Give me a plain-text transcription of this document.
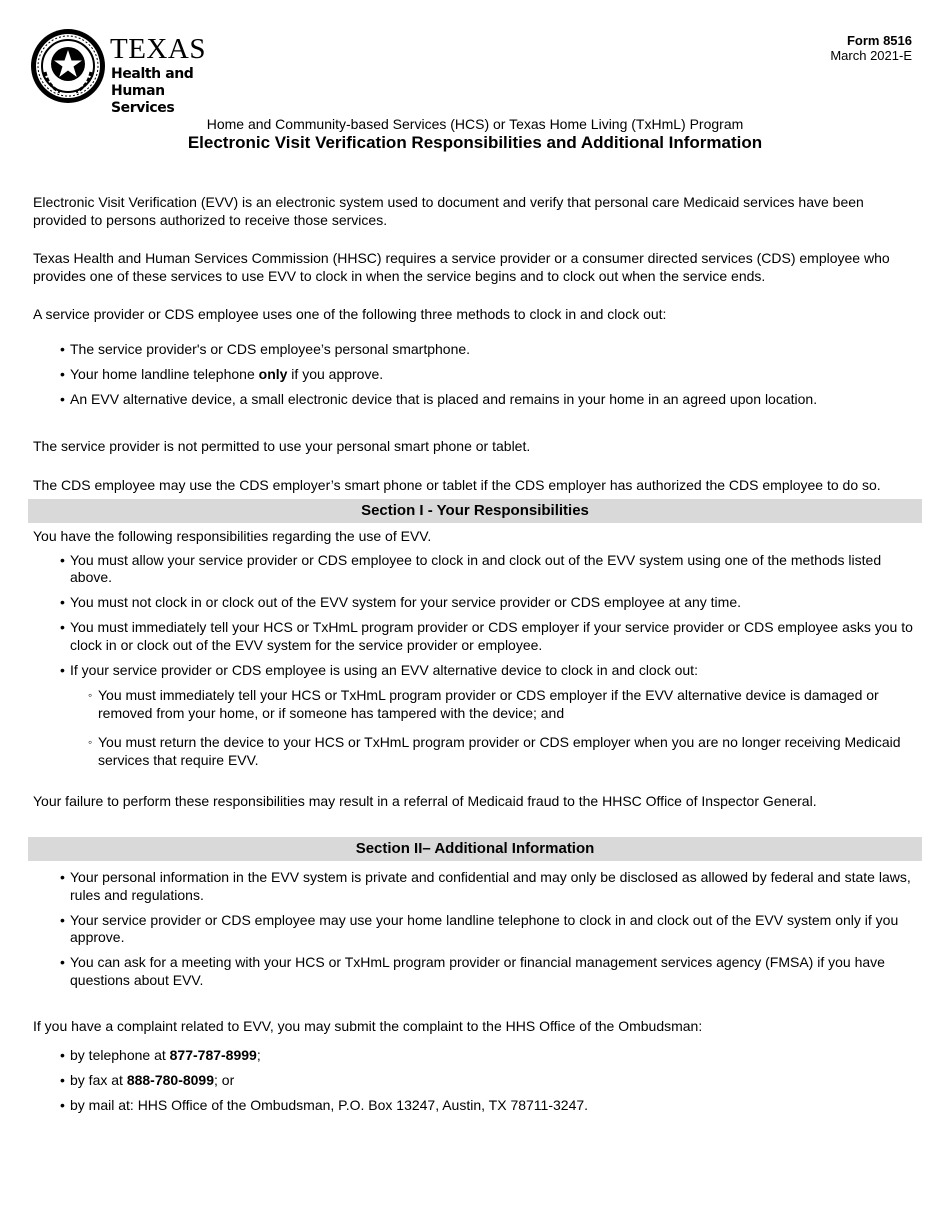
TEXAS
Health and Human
Services
Form 8516
March 2021-E
Home and Community-based Services (HCS) or Texas Home Living (TxHmL) Program
Electronic Visit Verification Responsibilities and Additional Information

Electronic Visit Verification (EVV) is an electronic system used to document and verify that personal care Medicaid services have been provided to persons authorized to receive those services.

Texas Health and Human Services Commission (HHSC) requires a service provider or a consumer directed services (CDS) employee who provides one of these services to use EVV to clock in when the service begins and to clock out when the service ends.

A service provider or CDS employee uses one of the following three methods to clock in and clock out:

• The service provider's or CDS employee’s personal smartphone.
• Your home landline telephone only if you approve.
• An EVV alternative device, a small electronic device that is placed and remains in your home in an agreed upon location.

The service provider is not permitted to use your personal smart phone or tablet.

The CDS employee may use the CDS employer’s smart phone or tablet if the CDS employer has authorized the CDS employee to do so.

Section I - Your Responsibilities

You have the following responsibilities regarding the use of EVV.

• You must allow your service provider or CDS employee to clock in and clock out of the EVV system using one of the methods listed above.
• You must not clock in or clock out of the EVV system for your service provider or CDS employee at any time.
• You must immediately tell your HCS or TxHmL program provider or CDS employer if your service provider or CDS employee asks you to clock in or clock out of the EVV system for the service provider or employee.
• If your service provider or CDS employee is using an EVV alternative device to clock in and clock out:
◦ You must immediately tell your HCS or TxHmL program provider or CDS employer if the EVV alternative device is damaged or removed from your home, or if someone has tampered with the device; and
◦ You must return the device to your HCS or TxHmL program provider or CDS employer when you are no longer receiving Medicaid services that require EVV.

Your failure to perform these responsibilities may result in a referral of Medicaid fraud to the HHSC Office of Inspector General.

Section II– Additional Information
• Your personal information in the EVV system is private and confidential and may only be disclosed as allowed by federal and state laws, rules and regulations.
• Your service provider or CDS employee may use your home landline telephone to clock in and clock out of the EVV system only if you approve.
• You can ask for a meeting with your HCS or TxHmL program provider or financial management services agency (FMSA) if you have questions about EVV.

If you have a complaint related to EVV, you may submit the complaint to the HHS Office of the Ombudsman:

• by telephone at 877-787-8999;
• by fax at 888-780-8099; or
• by mail at: HHS Office of the Ombudsman, P.O. Box 13247, Austin, TX 78711-3247.
